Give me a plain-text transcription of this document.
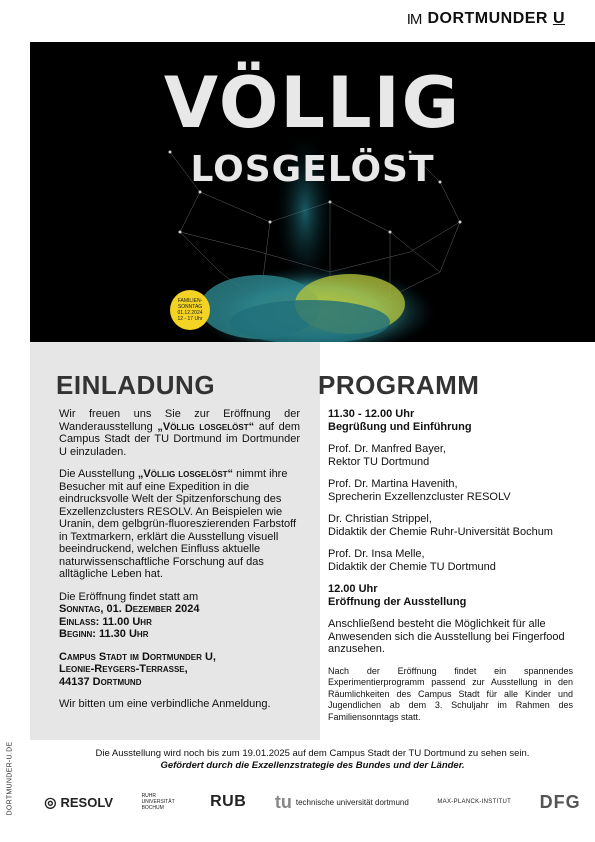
DORTMUNDER-U.DE
IM DORTMUNDER U
VÖLLIG
LOSGELÖST
FAMILIEN-
SONNTAG
01.12.2024
12 - 17 Uhr
EINLADUNG	PROGRAMM

Wir freuen uns Sie zur Eröffnung der Wanderausstellung „Völlig losgelöst“ auf dem Campus Stadt der TU Dortmund im Dortmunder U einzuladen.

Die Ausstellung „Völlig losgelöst“ nimmt ihre Besucher mit auf eine Expedition in die eindrucksvolle Welt der Spitzenforschung des Exzellenzclusters RESOLV. An Beispielen wie Uranin, dem gelbgrün-fluoreszierenden Farbstoff in Textmarkern, erklärt die Ausstellung visuell beeindruckend, welchen Einfluss aktuelle naturwissenschaftliche Forschung auf das alltägliche Leben hat.

Die Eröffnung findet statt am
Sonntag, 01. Dezember 2024
Einlass: 11.00 Uhr
Beginn: 11.30 Uhr

Campus Stadt im Dortmunder U,
Leonie-Reygers-Terrasse,
44137 Dortmund

Wir bitten um eine verbindliche Anmeldung.

11.30 - 12.00 Uhr
Begrüßung und Einführung

Prof. Dr. Manfred Bayer,
Rektor TU Dortmund

Prof. Dr. Martina Havenith,
Sprecherin Exzellenzcluster RESOLV

Dr. Christian Strippel,
Didaktik der Chemie Ruhr-Universität Bochum

Prof. Dr. Insa Melle,
Didaktik der Chemie TU Dortmund

12.00 Uhr
Eröffnung der Ausstellung

Anschließend besteht die Möglichkeit für alle Anwesenden sich die Ausstellung bei Fingerfood anzusehen.

Nach der Eröffnung findet ein spannendes Experimentierprogramm passend zur Ausstellung in den Räumlichkeiten des Campus Stadt für alle Kinder und Jugendlichen ab dem 3. Schuljahr im Rahmen des Familiensonntags statt.

Die Ausstellung wird noch bis zum 19.01.2025 auf dem Campus Stadt der TU Dortmund zu sehen sein.
Gefördert durch die Exzellenzstrategie des Bundes und der Länder.
◎ RESOLV	RUHR UNIVERSITÄT BOCHUM	RUB tu technische universität dortmund	MAX-PLANCK-INSTITUT DFG
